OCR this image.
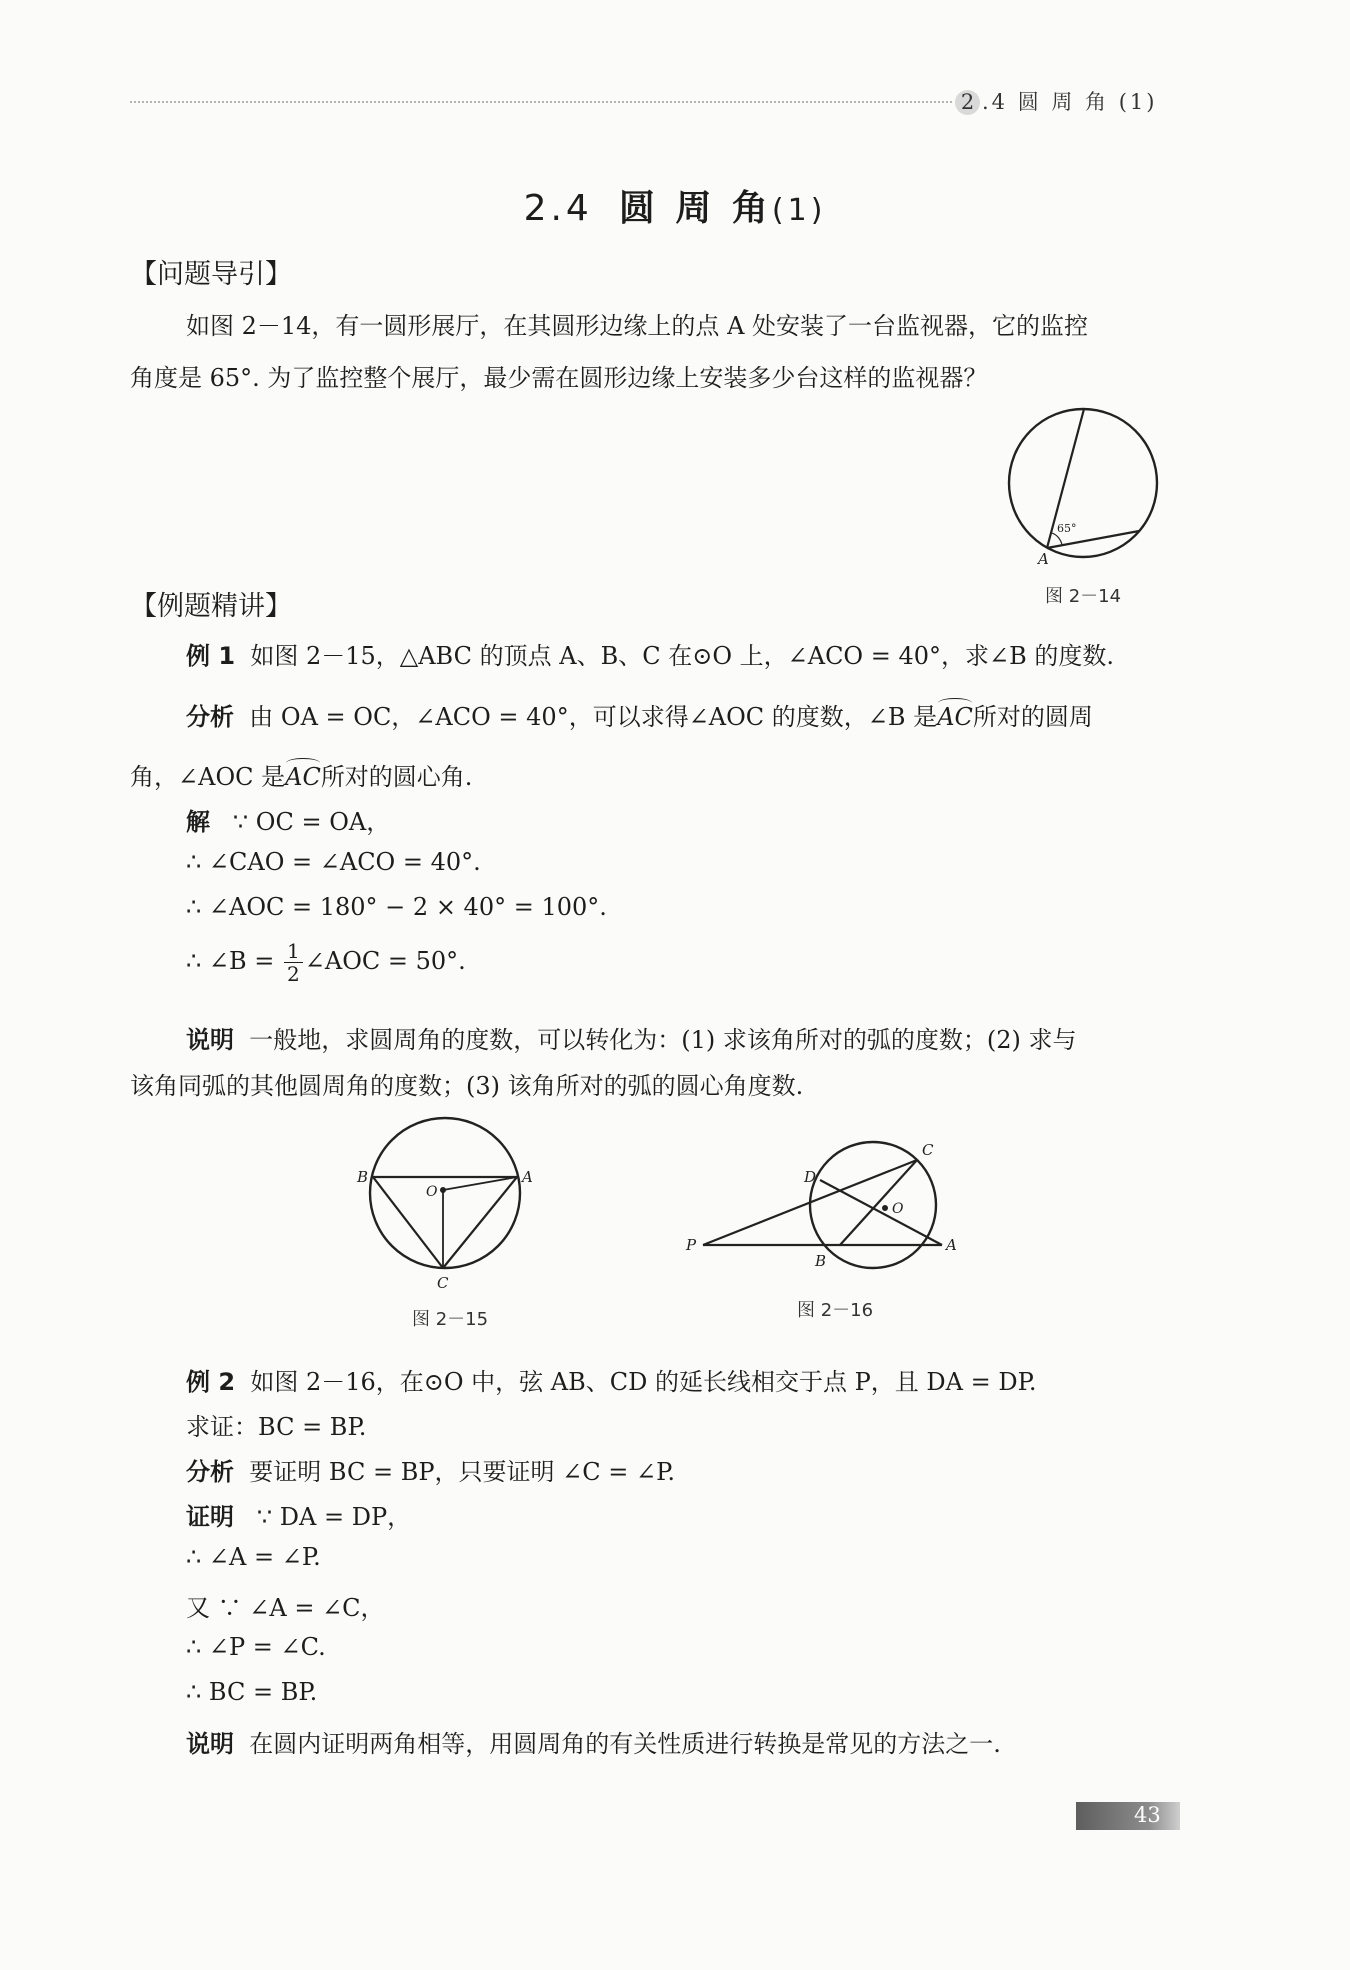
2 .4 圆 周 角 (1)
2.4 圆 周 角(1)
【问题导引】
如图 2－14，有一圆形展厅，在其圆形边缘上的点 A 处安装了一台监视器，它的监控
角度是 65°. 为了监控整个展厅，最少需在圆形边缘上安装多少台这样的监视器？
65°
A
图 2－14
【例题精讲】
例 1 如图 2－15，△ABC 的顶点 A、B、C 在⊙O 上，∠ACO = 40°，求∠B 的度数.
分析 由 OA = OC，∠ACO = 40°，可以求得∠AOC 的度数，∠B 是AC所对的圆周
角，∠AOC 是AC所对的圆心角.
解 ∵ OC = OA，
∴ ∠CAO = ∠ACO = 40°.
∴ ∠AOC = 180° − 2 × 40° = 100°.
∴ ∠B = $\frac{1}{2}$ ∠AOC = 50°.
说明 一般地，求圆周角的度数，可以转化为：(1) 求该角所对的弧的度数；(2) 求与
该角同弧的其他圆周角的度数；(3) 该角所对的弧的圆心角度数.
B	A
O
C
图 2－15
P
D
C
O
B
A
图 2－16
例 2 如图 2－16，在⊙O 中，弦 AB、CD 的延长线相交于点 P，且 DA = DP.
求证：BC = BP.
分析 要证明 BC = BP，只要证明 ∠C = ∠P.
证明 ∵ DA = DP，
∴ ∠A = ∠P.
又 ∵ ∠A = ∠C，
∴ ∠P = ∠C.
∴ BC = BP.
说明 在圆内证明两角相等，用圆周角的有关性质进行转换是常见的方法之一.
43
